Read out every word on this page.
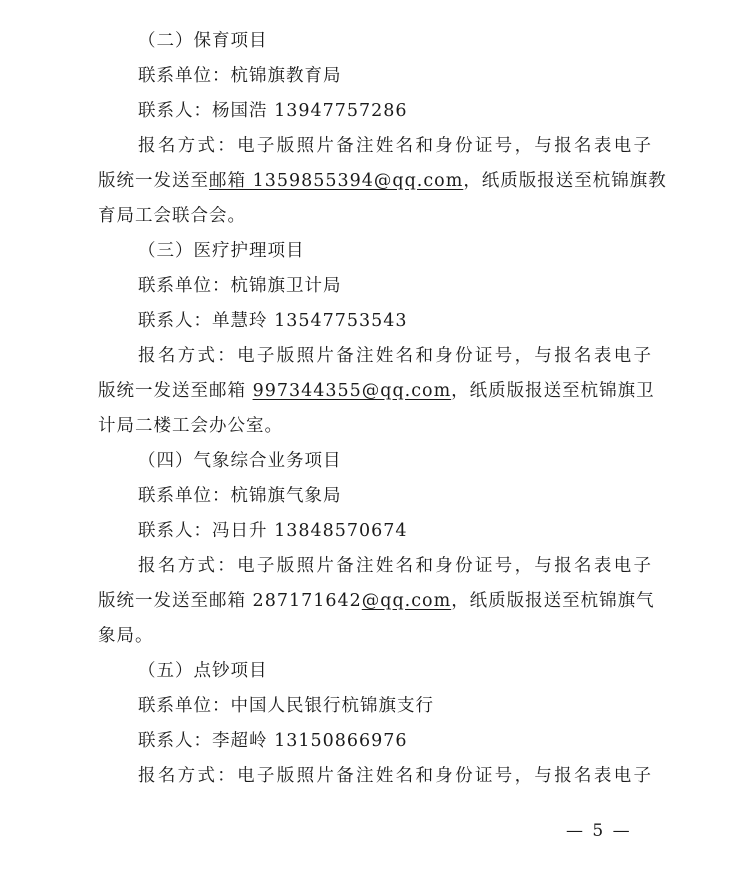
（二）保育项目
联系单位：杭锦旗教育局
联系人：杨国浩 13947757286
报名方式：电子版照片备注姓名和身份证号，与报名表电子
版统一发送至邮箱 1359855394@qq.com，纸质版报送至杭锦旗教
育局工会联合会。
（三）医疗护理项目
联系单位：杭锦旗卫计局
联系人：单慧玲 13547753543
报名方式：电子版照片备注姓名和身份证号，与报名表电子
版统一发送至邮箱 997344355@qq.com，纸质版报送至杭锦旗卫
计局二楼工会办公室。
（四）气象综合业务项目
联系单位：杭锦旗气象局
联系人：冯日升 13848570674
报名方式：电子版照片备注姓名和身份证号，与报名表电子
版统一发送至邮箱 287171642@qq.com，纸质版报送至杭锦旗气
象局。
（五）点钞项目
联系单位：中国人民银行杭锦旗支行
联系人：李超岭 13150866976
报名方式：电子版照片备注姓名和身份证号，与报名表电子
— 5 —
